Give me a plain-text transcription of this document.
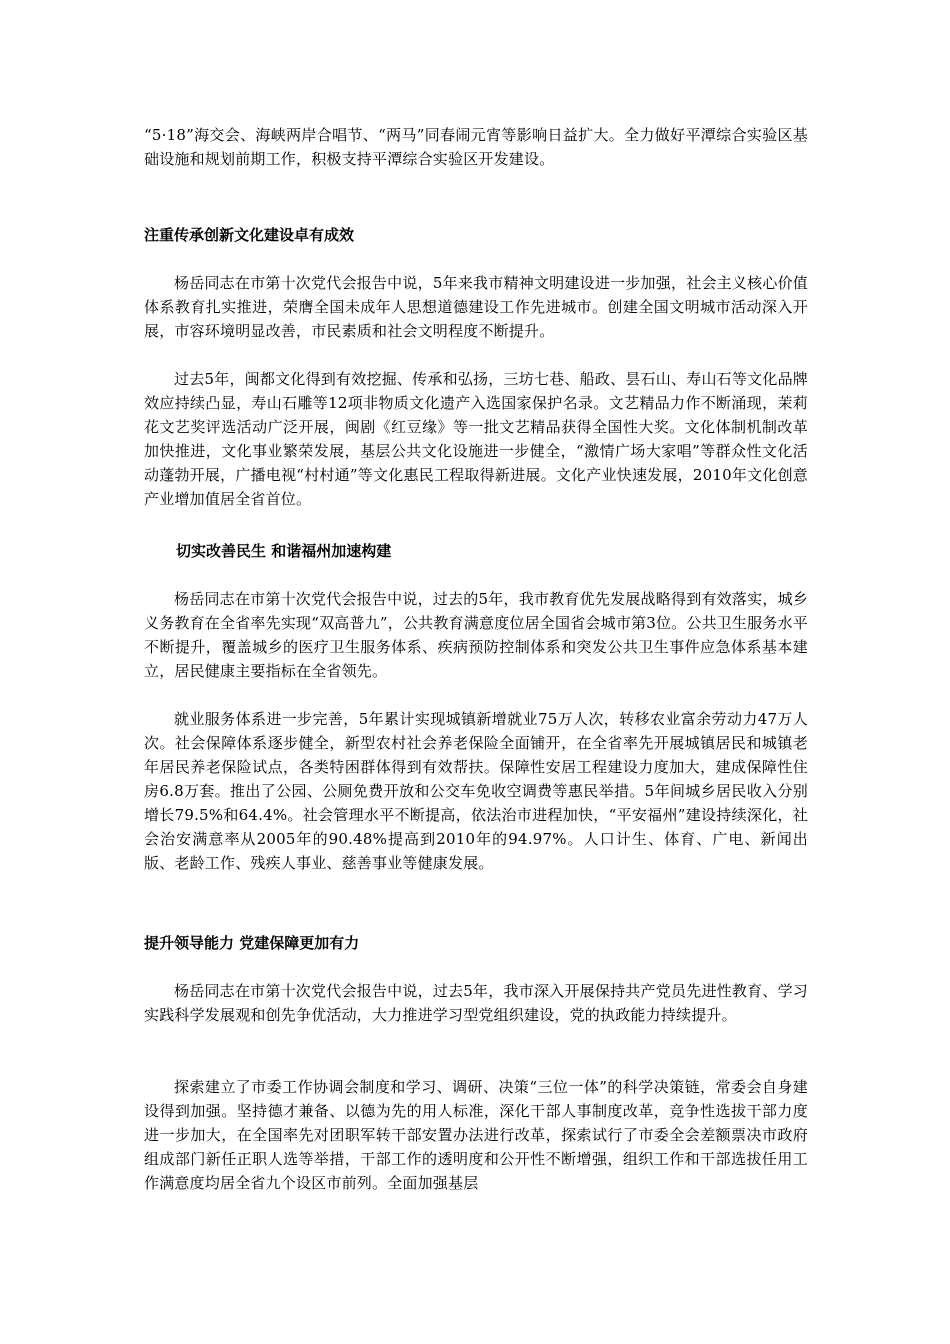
“5·18”海交会、海峡两岸合唱节、“两马”同春闹元宵等影响日益扩大。全力做好平潭综合实验区基础设施和规划前期工作，积极支持平潭综合实验区开发建设。

注重传承创新文化建设卓有成效

杨岳同志在市第十次党代会报告中说，5年来我市精神文明建设进一步加强，社会主义核心价值体系教育扎实推进，荣膺全国未成年人思想道德建设工作先进城市。创建全国文明城市活动深入开展，市容环境明显改善，市民素质和社会文明程度不断提升。

过去5年，闽都文化得到有效挖掘、传承和弘扬，三坊七巷、船政、昙石山、寿山石等文化品牌效应持续凸显，寿山石雕等12项非物质文化遗产入选国家保护名录。文艺精品力作不断涌现，茉莉花文艺奖评选活动广泛开展，闽剧《红豆缘》等一批文艺精品获得全国性大奖。文化体制机制改革加快推进，文化事业繁荣发展，基层公共文化设施进一步健全，“激情广场大家唱”等群众性文化活动蓬勃开展，广播电视“村村通”等文化惠民工程取得新进展。文化产业快速发展，2010年文化创意产业增加值居全省首位。

切实改善民生 和谐福州加速构建

杨岳同志在市第十次党代会报告中说，过去的5年，我市教育优先发展战略得到有效落实，城乡义务教育在全省率先实现“双高普九”，公共教育满意度位居全国省会城市第3位。公共卫生服务水平不断提升，覆盖城乡的医疗卫生服务体系、疾病预防控制体系和突发公共卫生事件应急体系基本建立，居民健康主要指标在全省领先。

就业服务体系进一步完善，5年累计实现城镇新增就业75万人次，转移农业富余劳动力47万人次。社会保障体系逐步健全，新型农村社会养老保险全面铺开，在全省率先开展城镇居民和城镇老年居民养老保险试点，各类特困群体得到有效帮扶。保障性安居工程建设力度加大，建成保障性住房6.8万套。推出了公园、公厕免费开放和公交车免收空调费等惠民举措。5年间城乡居民收入分别增长79.5%和64.4%。社会管理水平不断提高，依法治市进程加快，“平安福州”建设持续深化，社会治安满意率从2005年的90.48%提高到2010年的94.97%。人口计生、体育、广电、新闻出版、老龄工作、残疾人事业、慈善事业等健康发展。

提升领导能力 党建保障更加有力

杨岳同志在市第十次党代会报告中说，过去5年，我市深入开展保持共产党员先进性教育、学习实践科学发展观和创先争优活动，大力推进学习型党组织建设，党的执政能力持续提升。

探索建立了市委工作协调会制度和学习、调研、决策“三位一体”的科学决策链，常委会自身建设得到加强。坚持德才兼备、以德为先的用人标准，深化干部人事制度改革，竞争性选拔干部力度进一步加大，在全国率先对团职军转干部安置办法进行改革，探索试行了市委全会差额票决市政府组成部门新任正职人选等举措，干部工作的透明度和公开性不断增强，组织工作和干部选拔任用工作满意度均居全省九个设区市前列。全面加强基层
